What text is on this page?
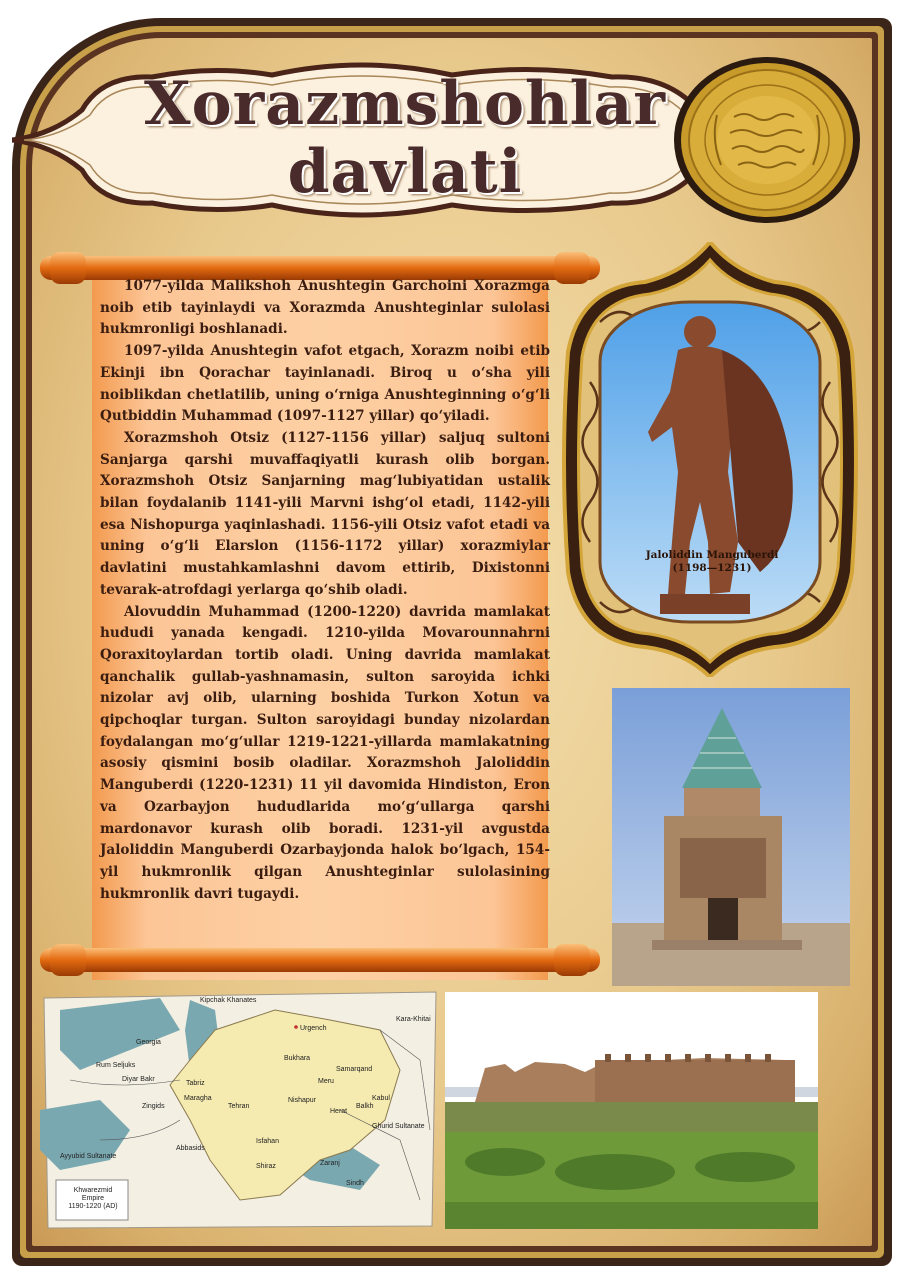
Xorazmshohlar
davlati

1077-yilda Malikshoh Anushtegin Garchoini Xorazmga noib etib tayinlaydi va Xorazmda Anushteginlar sulolasi hukmronligi boshlanadi.

1097-yilda Anushtegin vafot etgach, Xorazm noibi etib Ekinji ibn Qorachar tayinlanadi. Biroq u oʻsha yili noiblikdan chetlatilib, uning oʻrniga Anushteginning oʻgʻli Qutbiddin Muhammad (1097-1127 yillar) qoʻyiladi.

Xorazmshoh Otsiz (1127-1156 yillar) saljuq sultoni Sanjarga qarshi muvaffaqiyatli kurash olib borgan. Xorazmshoh Otsiz Sanjarning magʻlubiyatidan ustalik bilan foydalanib 1141-yili Marvni ishgʻol etadi, 1142-yili esa Nishopurga yaqinlashadi. 1156-yili Otsiz vafot etadi va uning oʻgʻli Elarslon (1156-1172 yillar) xorazmiylar davlatini mustahkamlashni davom ettirib, Dixistonni tevarak-atrofdagi yerlarga qoʻshib oladi.

Alovuddin Muhammad (1200-1220) davrida mamlakat hududi yanada kengadi. 1210-yilda Movarounnahrni Qoraxitoylardan tortib oladi. Uning davrida mamlakat qanchalik gullab-yashnamasin, sulton saroyida ichki nizolar avj olib, ularning boshida Turkon Xotun va qipchoqlar turgan. Sulton saroyidagi bunday nizolardan foydalangan moʻgʻullar 1219-1221-yillarda mamlakatning asosiy qismini bosib oladilar. Xorazmshoh Jaloliddin Manguberdi (1220-1231) 11 yil davomida Hindiston, Eron va Ozarbayjon hududlarida moʻgʻullarga qarshi mardonavor kurash olib boradi. 1231-yil avgustda Jaloliddin Manguberdi Ozarbayjonda halok boʻlgach, 154-yil hukmronlik qilgan Anushteginlar sulolasining hukmronlik davri tugaydi.

Jaloliddin Manguberdi
(1198—1231)
Kipchak Khanates
Kara-Khitai
Georgia
Urgench
Rum Seljuks
Diyar Bakr
Bukhara
Samarqand
Tabriz	Meru
Maragha
Tehran
Nishapur
Herat
Balkh
Kabul
Zingids
Ghurid Sultanate
Isfahan
Abbasids
Ayyubid Sultanate
Shiraz	Zaranj
Sindh
Khwarezmid
Empire
1190-1220 (AD)
